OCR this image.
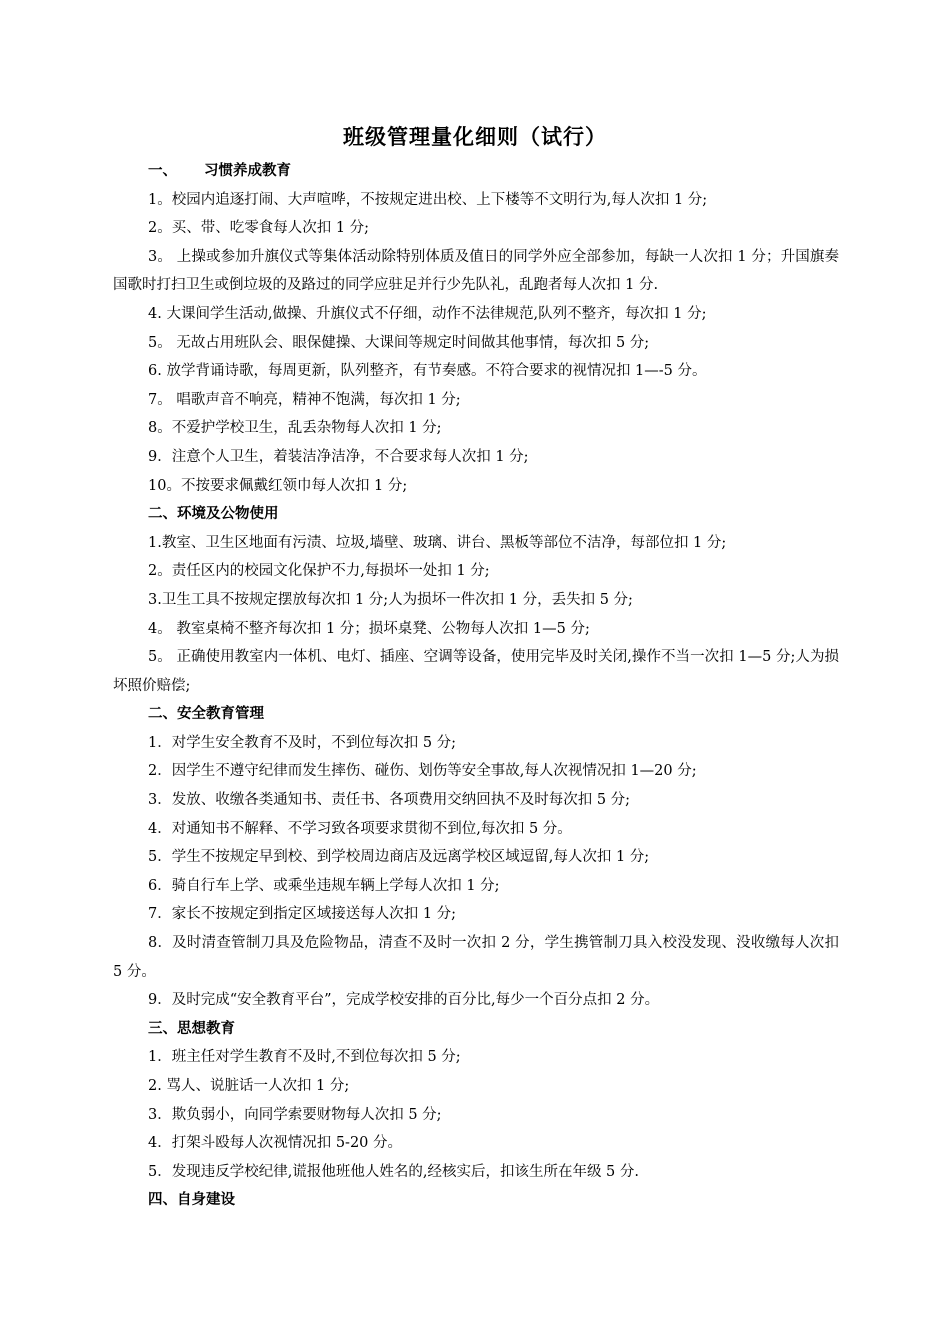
班级管理量化细则（试行）
一、 习惯养成教育
1。校园内追逐打闹、大声喧哗，不按规定进出校、上下楼等不文明行为,每人次扣 1 分;
2。买、带、吃零食每人次扣 1 分;
3。 上操或参加升旗仪式等集体活动除特别体质及值日的同学外应全部参加，每缺一人次扣 1 分；升国旗奏国歌时打扫卫生或倒垃圾的及路过的同学应驻足并行少先队礼，乱跑者每人次扣 1 分.
4. 大课间学生活动,做操、升旗仪式不仔细，动作不法律规范,队列不整齐，每次扣 1 分;
5。 无故占用班队会、眼保健操、大课间等规定时间做其他事情，每次扣 5 分;
6. 放学背诵诗歌，每周更新，队列整齐，有节奏感。不符合要求的视情况扣 1—-5 分。
7。 唱歌声音不响亮，精神不饱满，每次扣 1 分;
8。不爱护学校卫生，乱丢杂物每人次扣 1 分;
9．注意个人卫生，着装洁净洁净，不合要求每人次扣 1 分;
10。不按要求佩戴红领巾每人次扣 1 分;
二、环境及公物使用
1.教室、卫生区地面有污渍、垃圾,墙壁、玻璃、讲台、黑板等部位不洁净，每部位扣 1 分;
2。责任区内的校园文化保护不力,每损坏一处扣 1 分;
3.卫生工具不按规定摆放每次扣 1 分;人为损坏一件次扣 1 分，丢失扣 5 分;
4。 教室桌椅不整齐每次扣 1 分；损坏桌凳、公物每人次扣 1—5 分;
5。 正确使用教室内一体机、电灯、插座、空调等设备，使用完毕及时关闭,操作不当一次扣 1—5 分;人为损坏照价赔偿;
二、安全教育管理
1．对学生安全教育不及时，不到位每次扣 5 分;
2．因学生不遵守纪律而发生摔伤、碰伤、划伤等安全事故,每人次视情况扣 1—20 分;
3．发放、收缴各类通知书、责任书、各项费用交纳回执不及时每次扣 5 分;
4．对通知书不解释、不学习致各项要求贯彻不到位,每次扣 5 分。
5．学生不按规定早到校、到学校周边商店及远离学校区域逗留,每人次扣 1 分;
6．骑自行车上学、或乘坐违规车辆上学每人次扣 1 分;
7．家长不按规定到指定区域接送每人次扣 1 分;
8．及时清查管制刀具及危险物品，清查不及时一次扣 2 分，学生携管制刀具入校没发现、没收缴每人次扣 5 分。
9．及时完成“安全教育平台”，完成学校安排的百分比,每少一个百分点扣 2 分。
三、思想教育
1．班主任对学生教育不及时,不到位每次扣 5 分;
2. 骂人、说脏话一人次扣 1 分;
3．欺负弱小，向同学索要财物每人次扣 5 分;
4．打架斗殴每人次视情况扣 5-20 分。
5．发现违反学校纪律,谎报他班他人姓名的,经核实后，扣该生所在年级 5 分.
四、自身建设
